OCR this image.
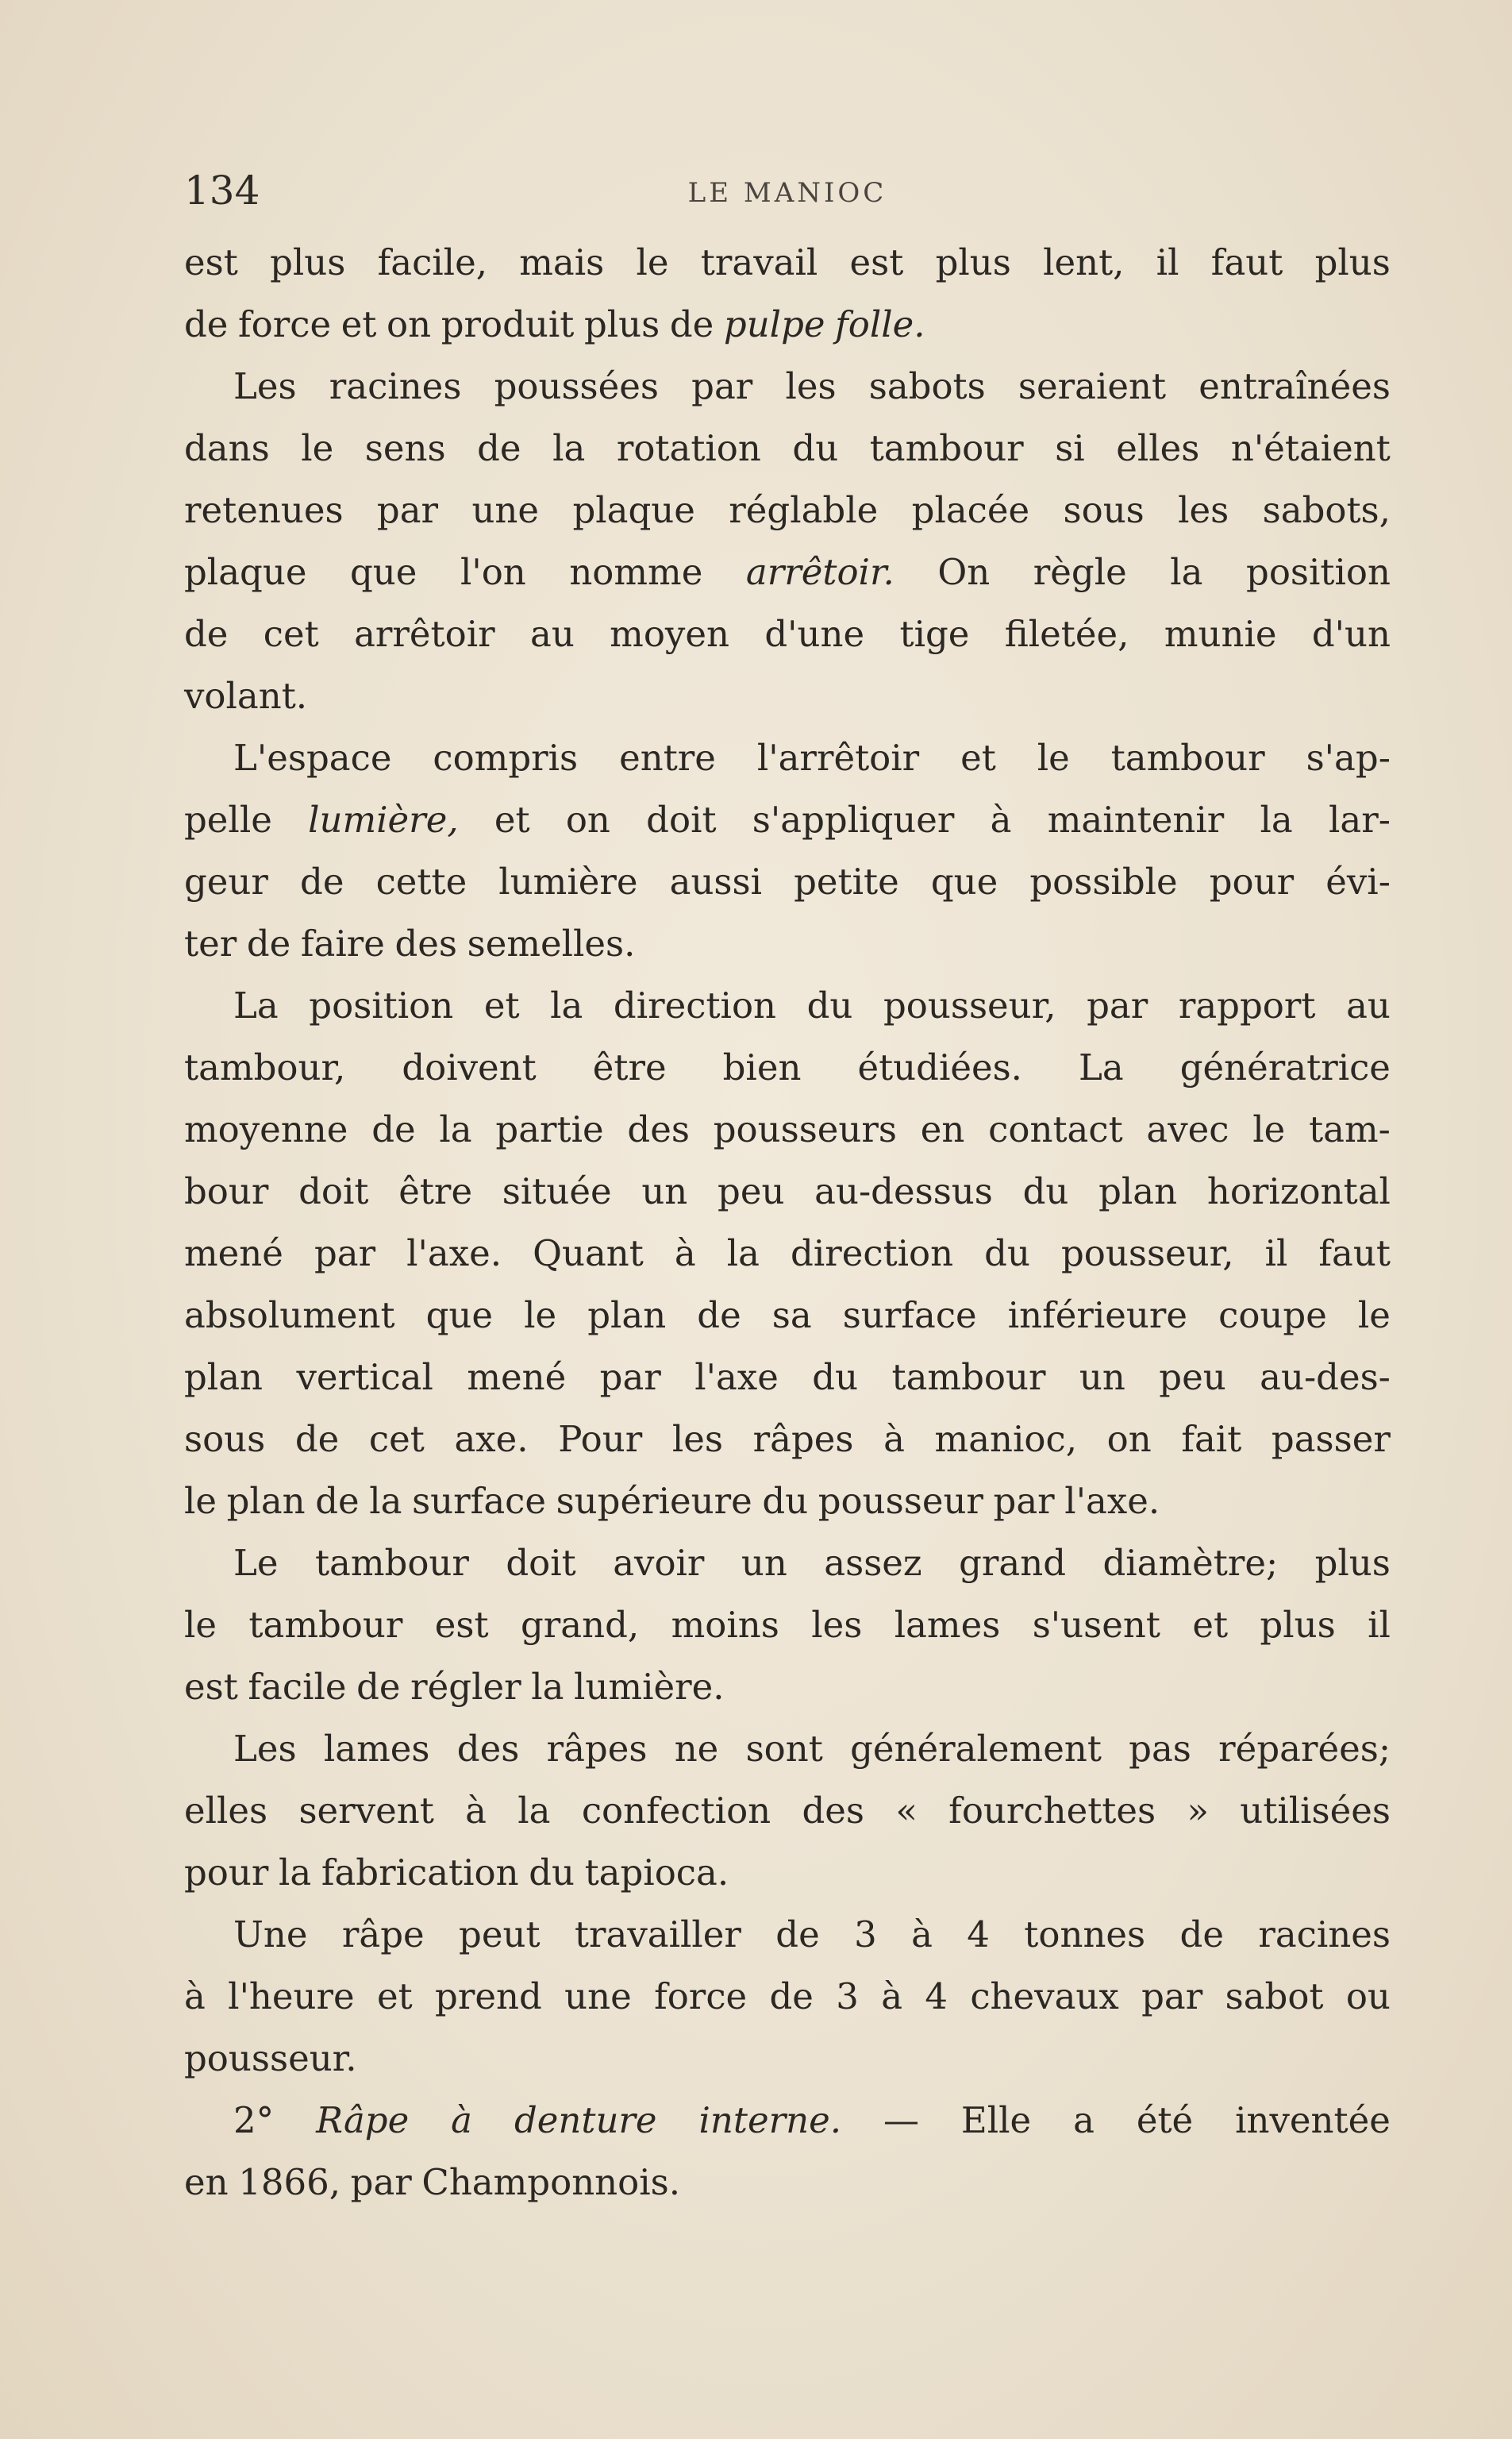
134	LE MANIOC
est plus facile, mais le travail est plus lent, il faut plus
de force et on produit plus de pulpe folle.
Les racines poussées par les sabots seraient entraînées
dans le sens de la rotation du tambour si elles n'étaient
retenues par une plaque réglable placée sous les sabots,
plaque que l'on nomme arrêtoir. On règle la position
de cet arrêtoir au moyen d'une tige filetée, munie d'un
volant.
L'espace compris entre l'arrêtoir et le tambour s'ap-
pelle lumière, et on doit s'appliquer à maintenir la lar-
geur de cette lumière aussi petite que possible pour évi-
ter de faire des semelles.
La position et la direction du pousseur, par rapport au
tambour, doivent être bien étudiées. La génératrice
moyenne de la partie des pousseurs en contact avec le tam-
bour doit être située un peu au-dessus du plan horizontal
mené par l'axe. Quant à la direction du pousseur, il faut
absolument que le plan de sa surface inférieure coupe le
plan vertical mené par l'axe du tambour un peu au-des-
sous de cet axe. Pour les râpes à manioc, on fait passer
le plan de la surface supérieure du pousseur par l'axe.
Le tambour doit avoir un assez grand diamètre; plus
le tambour est grand, moins les lames s'usent et plus il
est facile de régler la lumière.
Les lames des râpes ne sont généralement pas réparées;
elles servent à la confection des « fourchettes » utilisées
pour la fabrication du tapioca.
Une râpe peut travailler de 3 à 4 tonnes de racines
à l'heure et prend une force de 3 à 4 chevaux par sabot ou
pousseur.
2° Râpe à denture interne. — Elle a été inventée
en 1866, par Champonnois.
